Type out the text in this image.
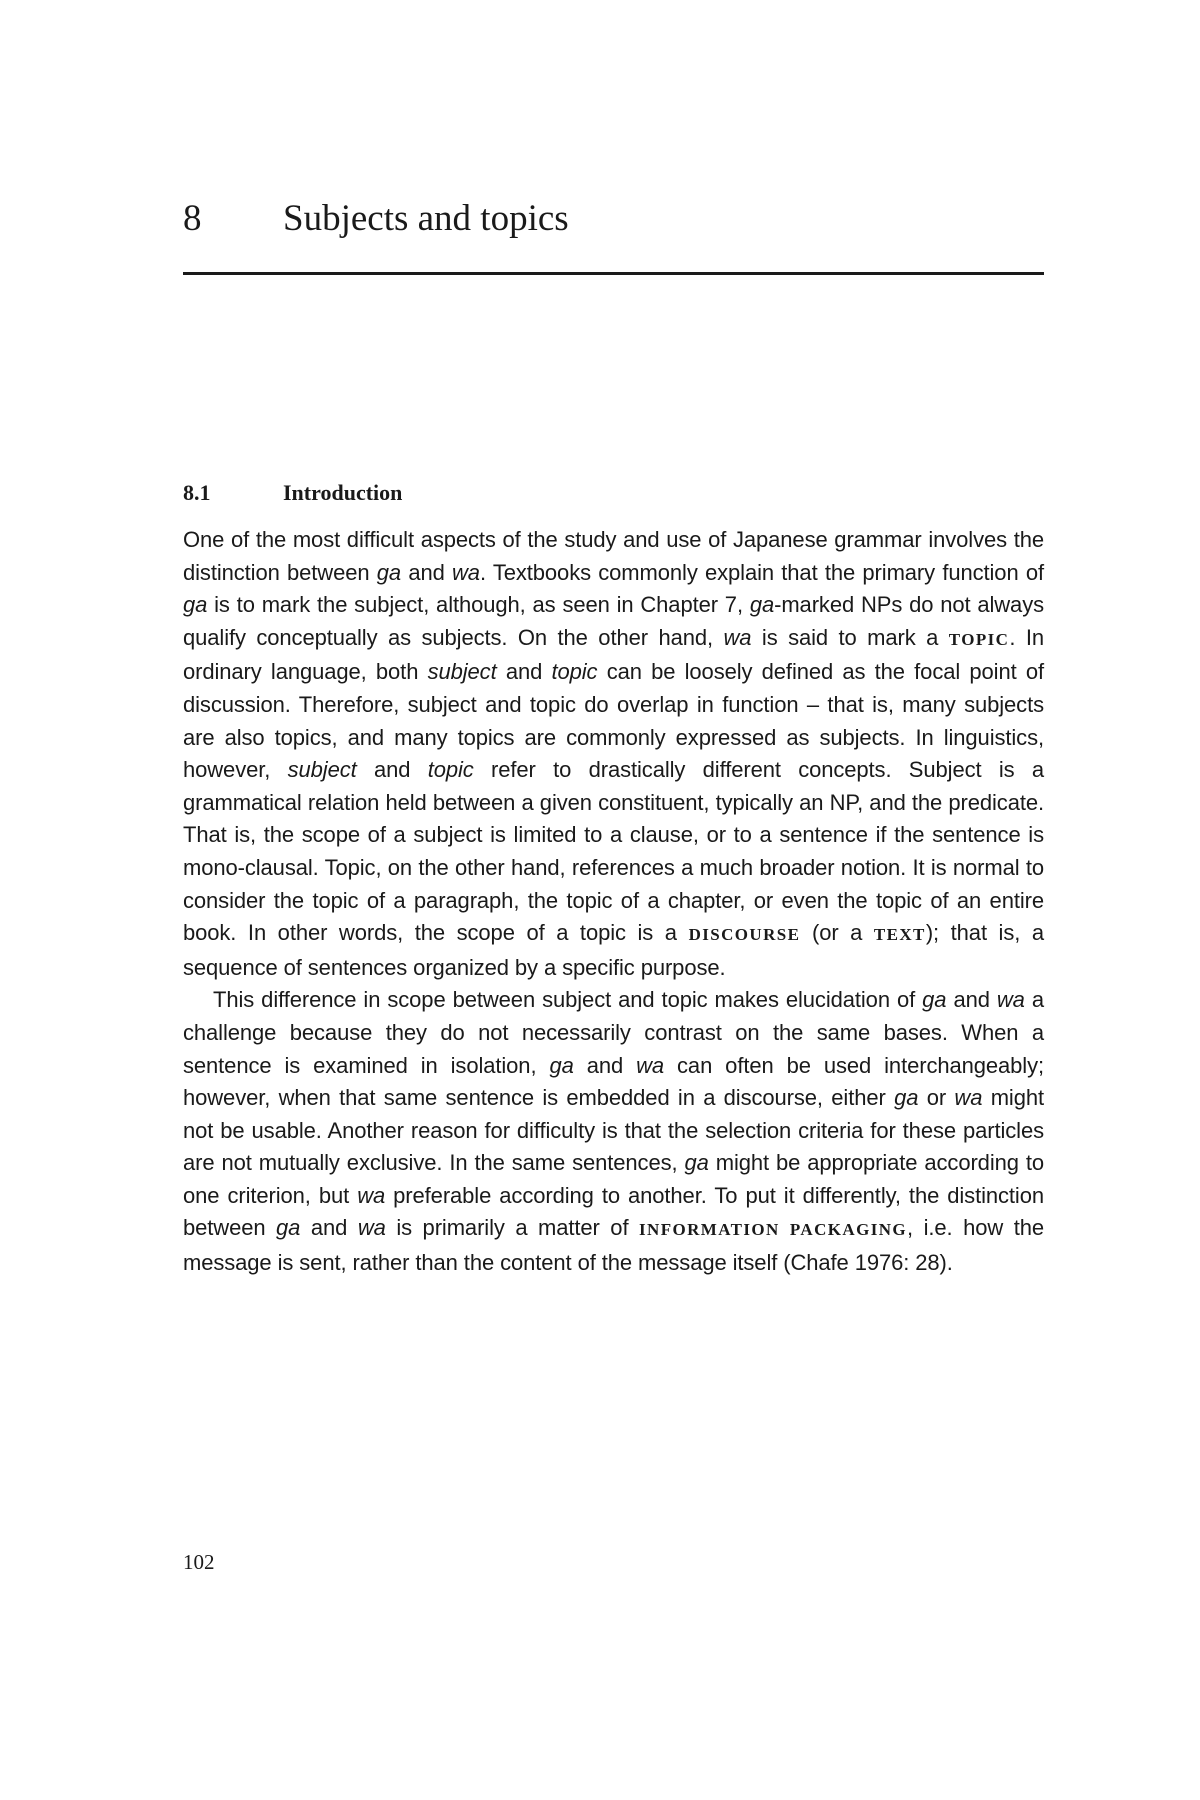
8 Subjects and topics
8.1	Introduction

One of the most difficult aspects of the study and use of Japanese grammar involves the distinction between ga and wa. Textbooks commonly explain that the primary function of ga is to mark the subject, although, as seen in Chapter 7, ga-marked NPs do not always qualify conceptually as subjects. On the other hand, wa is said to mark a TOPIC. In ordinary language, both subject and topic can be loosely defined as the focal point of discussion. Therefore, subject and topic do overlap in function – that is, many subjects are also topics, and many topics are commonly expressed as subjects. In linguistics, however, subject and topic refer to drastically different concepts. Subject is a grammatical relation held between a given constituent, typically an NP, and the predicate. That is, the scope of a subject is limited to a clause, or to a sentence if the sentence is mono-clausal. Topic, on the other hand, references a much broader notion. It is normal to consider the topic of a paragraph, the topic of a chapter, or even the topic of an entire book. In other words, the scope of a topic is a DISCOURSE (or a TEXT); that is, a sequence of sentences organized by a specific purpose.

This difference in scope between subject and topic makes elucidation of ga and wa a challenge because they do not necessarily contrast on the same bases. When a sentence is examined in isolation, ga and wa can often be used interchangeably; however, when that same sentence is embedded in a discourse, either ga or wa might not be usable. Another reason for difficulty is that the selection criteria for these particles are not mutually exclusive. In the same sentences, ga might be appropriate according to one criterion, but wa preferable according to another. To put it differently, the distinction between ga and wa is primarily a matter of INFORMATION PACKAGING, i.e. how the message is sent, rather than the content of the message itself (Chafe 1976: 28).

102
